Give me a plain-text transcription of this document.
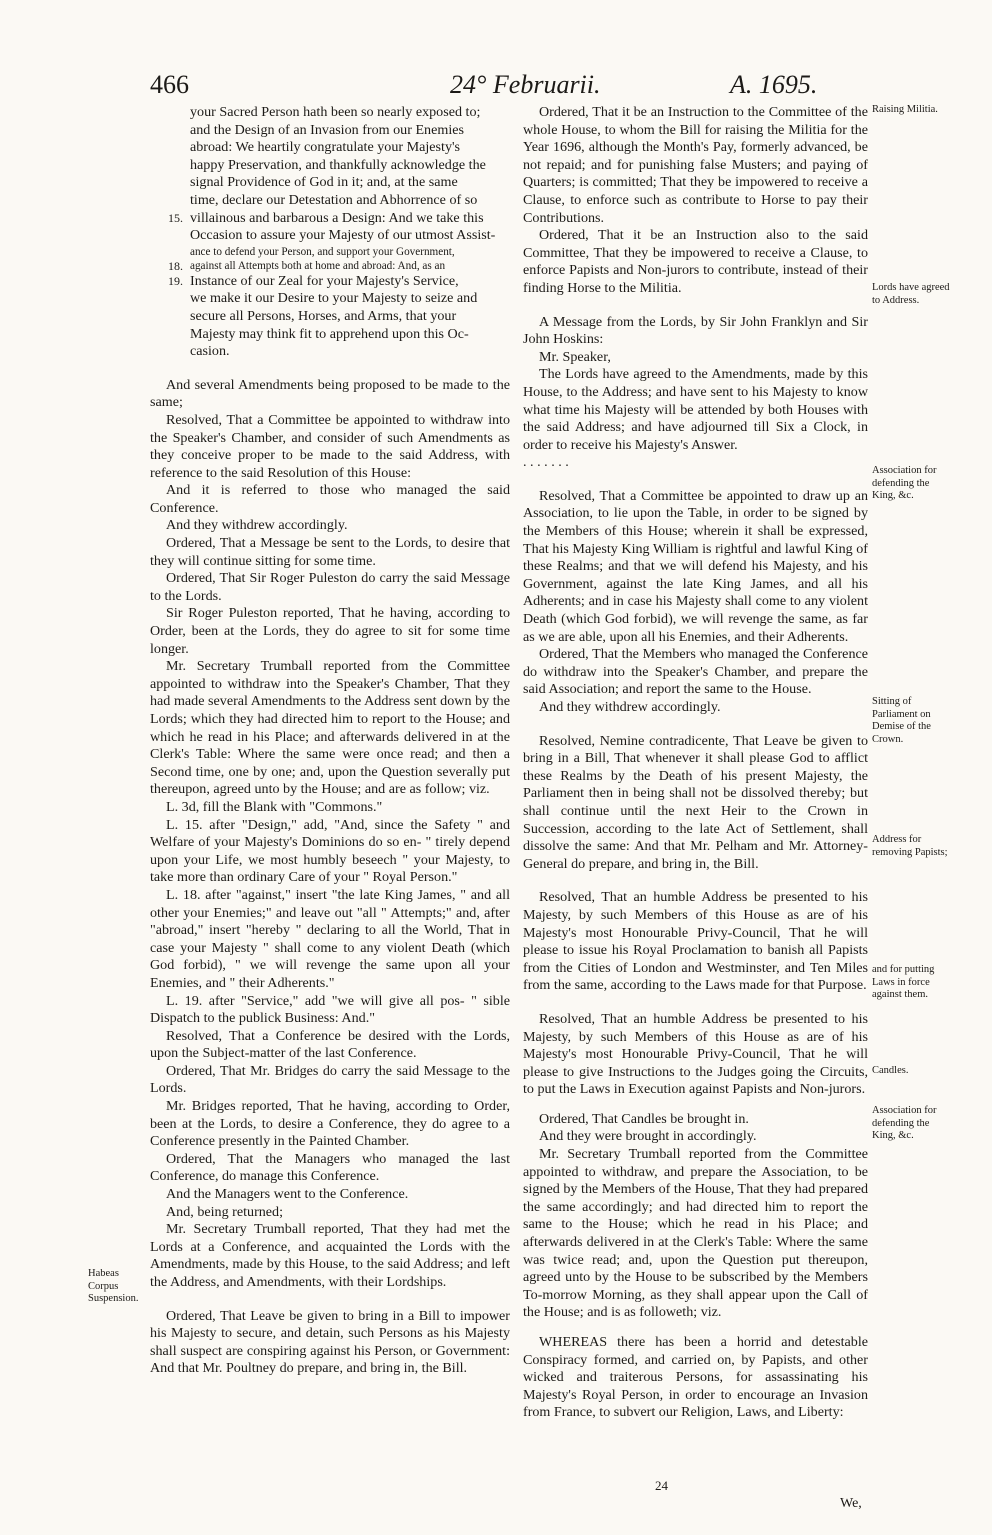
466	24° Februarii.	A. 1695.

your Sacred Person hath been so nearly exposed to;

and the Design of an Invasion from our Enemies

abroad: We heartily congratulate your Majesty's

happy Preservation, and thankfully acknowledge the

signal Providence of God in it; and, at the same

time, declare our Detestation and Abhorrence of so

15. villainous and barbarous a Design: And we take this

Occasion to assure your Majesty of our utmost Assist-

ance to defend your Person, and support your Government,

18. against all Attempts both at home and abroad: And, as an

19. Instance of our Zeal for your Majesty's Service,

we make it our Desire to your Majesty to seize and

secure all Persons, Horses, and Arms, that your

Majesty may think fit to apprehend upon this Oc-

casion.

And several Amendments being proposed to be made to the same;

Resolved, That a Committee be appointed to withdraw into the Speaker's Chamber, and consider of such Amendments as they conceive proper to be made to the said Address, with reference to the said Resolution of this House:

And it is referred to those who managed the said Conference.

And they withdrew accordingly.

Ordered, That a Message be sent to the Lords, to desire that they will continue sitting for some time.

Ordered, That Sir Roger Puleston do carry the said Message to the Lords.

Sir Roger Puleston reported, That he having, according to Order, been at the Lords, they do agree to sit for some time longer.

Mr. Secretary Trumball reported from the Committee appointed to withdraw into the Speaker's Chamber, That they had made several Amendments to the Address sent down by the Lords; which they had directed him to report to the House; and which he read in his Place; and afterwards delivered in at the Clerk's Table: Where the same were once read; and then a Second time, one by one; and, upon the Question severally put thereupon, agreed unto by the House; and are as follow; viz.

L. 3d, fill the Blank with "Commons."

L. 15. after "Design," add, "And, since the Safety " and Welfare of your Majesty's Dominions do so en- " tirely depend upon your Life, we most humbly beseech " your Majesty, to take more than ordinary Care of your " Royal Person."

L. 18. after "against," insert "the late King James, " and all other your Enemies;" and leave out "all " Attempts;" and, after "abroad," insert "hereby " declaring to all the World, That in case your Majesty " shall come to any violent Death (which God forbid), " we will revenge the same upon all your Enemies, and " their Adherents."

L. 19. after "Service," add "we will give all pos- " sible Dispatch to the publick Business: And."

Resolved, That a Conference be desired with the Lords, upon the Subject-matter of the last Conference.

Ordered, That Mr. Bridges do carry the said Message to the Lords.

Mr. Bridges reported, That he having, according to Order, been at the Lords, to desire a Conference, they do agree to a Conference presently in the Painted Chamber.

Ordered, That the Managers who managed the last Conference, do manage this Conference.

And the Managers went to the Conference.

And, being returned;

Mr. Secretary Trumball reported, That they had met the Lords at a Conference, and acquainted the Lords with the Amendments, made by this House, to the said Address; and left the Address, and Amendments, with their Lordships.

Ordered, That Leave be given to bring in a Bill to impower his Majesty to secure, and detain, such Persons as his Majesty shall suspect are conspiring against his Person, or Government: And that Mr. Poultney do prepare, and bring in, the Bill.

Ordered, That it be an Instruction to the Committee of the whole House, to whom the Bill for raising the Militia for the Year 1696, although the Month's Pay, formerly advanced, be not repaid; and for punishing false Musters; and paying of Quarters; is committed; That they be impowered to receive a Clause, to enforce such as contribute to Horse to pay their Contributions.

Ordered, That it be an Instruction also to the said Committee, That they be impowered to receive a Clause, to enforce Papists and Non-jurors to contribute, instead of their finding Horse to the Militia.

A Message from the Lords, by Sir John Franklyn and Sir John Hoskins:

Mr. Speaker,

The Lords have agreed to the Amendments, made by this House, to the Address; and have sent to his Majesty to know what time his Majesty will be attended by both Houses with the said Address; and have adjourned till Six a Clock, in order to receive his Majesty's Answer.

. . . . . . .

Resolved, That a Committee be appointed to draw up an Association, to lie upon the Table, in order to be signed by the Members of this House; wherein it shall be expressed, That his Majesty King William is rightful and lawful King of these Realms; and that we will defend his Majesty, and his Government, against the late King James, and all his Adherents; and in case his Majesty shall come to any violent Death (which God forbid), we will revenge the same, as far as we are able, upon all his Enemies, and their Adherents.

Ordered, That the Members who managed the Conference do withdraw into the Speaker's Chamber, and prepare the said Association; and report the same to the House.

And they withdrew accordingly.

Resolved, Nemine contradicente, That Leave be given to bring in a Bill, That whenever it shall please God to afflict these Realms by the Death of his present Majesty, the Parliament then in being shall not be dissolved thereby; but shall continue until the next Heir to the Crown in Succession, according to the late Act of Settlement, shall dissolve the same: And that Mr. Pelham and Mr. Attorney-General do prepare, and bring in, the Bill.

Resolved, That an humble Address be presented to his Majesty, by such Members of this House as are of his Majesty's most Honourable Privy-Council, That he will please to issue his Royal Proclamation to banish all Papists from the Cities of London and Westminster, and Ten Miles from the same, according to the Laws made for that Purpose.

Resolved, That an humble Address be presented to his Majesty, by such Members of this House as are of his Majesty's most Honourable Privy-Council, That he will please to give Instructions to the Judges going the Circuits, to put the Laws in Execution against Papists and Non-jurors.

Ordered, That Candles be brought in.

And they were brought in accordingly.

Mr. Secretary Trumball reported from the Committee appointed to withdraw, and prepare the Association, to be signed by the Members of the House, That they had prepared the same accordingly; and had directed him to report the same to the House; which he read in his Place; and afterwards delivered in at the Clerk's Table: Where the same was twice read; and, upon the Question put thereupon, agreed unto by the House to be subscribed by the Members To-morrow Morning, as they shall appear upon the Call of the House; and is as followeth; viz.

WHEREAS there has been a horrid and detestable Conspiracy formed, and carried on, by Papists, and other wicked and traiterous Persons, for assassinating his Majesty's Royal Person, in order to encourage an Invasion from France, to subvert our Religion, Laws, and Liberty:

Raising Militia.
Lords have agreed to Address.
Association for defending the King, &c.
Sitting of Parliament on Demise of the Crown.
Address for removing Papists;
and for putting Laws in force against them.
Candles.
Association for defending the King, &c.
Habeas Corpus Suspension.
24
We,
